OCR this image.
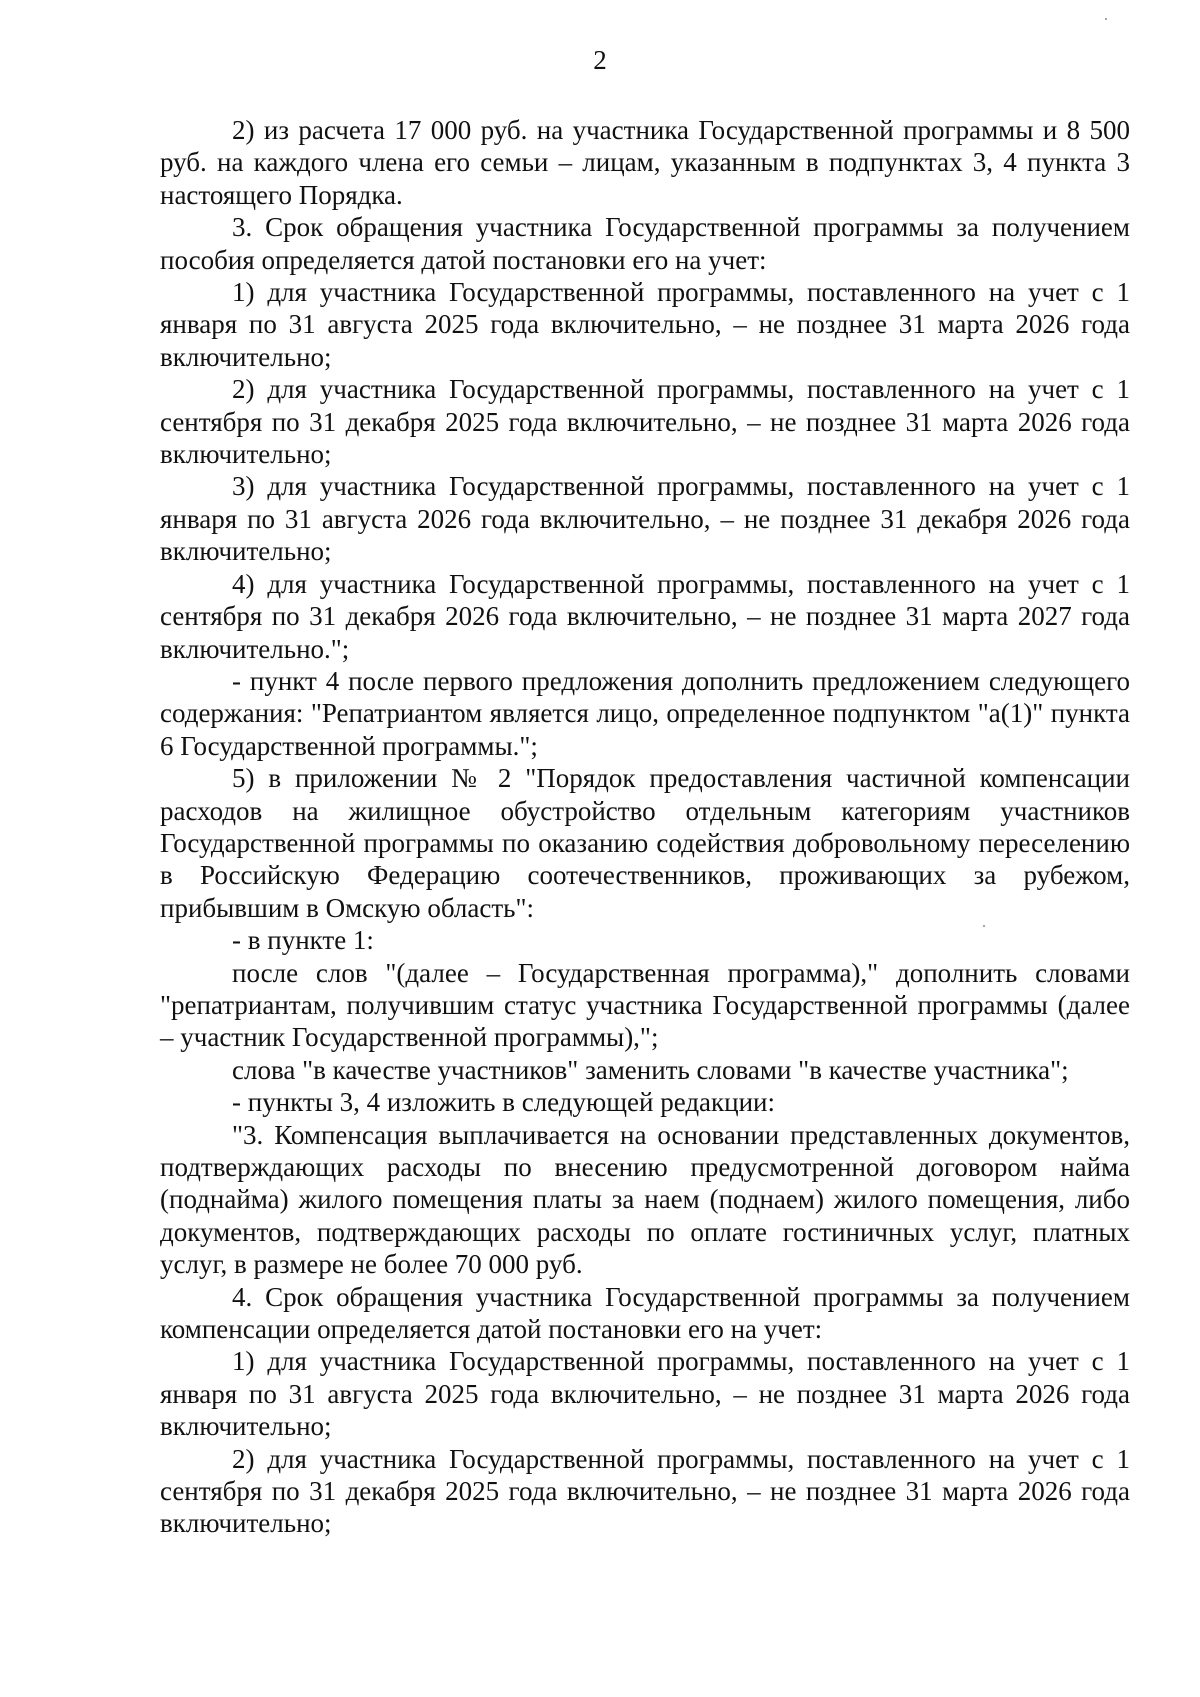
2

2) из расчета 17 000 руб. на участника Государственной программы и 8 500 руб. на каждого члена его семьи – лицам, указанным в подпунктах 3, 4 пункта 3 настоящего Порядка.

3. Срок обращения участника Государственной программы за получением пособия определяется датой постановки его на учет:

1) для участника Государственной программы, поставленного на учет с 1 января по 31 августа 2025 года включительно, – не позднее 31 марта 2026 года включительно;

2) для участника Государственной программы, поставленного на учет с 1 сентября по 31 декабря 2025 года включительно, – не позднее 31 марта 2026 года включительно;

3) для участника Государственной программы, поставленного на учет с 1 января по 31 августа 2026 года включительно, – не позднее 31 декабря 2026 года включительно;

4) для участника Государственной программы, поставленного на учет с 1 сентября по 31 декабря 2026 года включительно, – не позднее 31 марта 2027 года включительно.";

- пункт 4 после первого предложения дополнить предложением следующего содержания: "Репатриантом является лицо, определенное подпунктом "а(1)" пункта 6 Государственной программы.";

5) в приложении № 2 "Порядок предоставления частичной компенсации расходов на жилищное обустройство отдельным категориям участников Государственной программы по оказанию содействия добровольному переселению в Российскую Федерацию соотечественников, проживающих за рубежом, прибывшим в Омскую область":

- в пункте 1:

после слов "(далее – Государственная программа)," дополнить словами "репатриантам, получившим статус участника Государственной программы (далее – участник Государственной программы),";

слова "в качестве участников" заменить словами "в качестве участника";

- пункты 3, 4 изложить в следующей редакции:

"3. Компенсация выплачивается на основании представленных документов, подтверждающих расходы по внесению предусмотренной договором найма (поднайма) жилого помещения платы за наем (поднаем) жилого помещения, либо документов, подтверждающих расходы по оплате гостиничных услуг, платных услуг, в размере не более 70 000 руб.

4. Срок обращения участника Государственной программы за получением компенсации определяется датой постановки его на учет:

1) для участника Государственной программы, поставленного на учет с 1 января по 31 августа 2025 года включительно, – не позднее 31 марта 2026 года включительно;

2) для участника Государственной программы, поставленного на учет с 1 сентября по 31 декабря 2025 года включительно, – не позднее 31 марта 2026 года включительно;
